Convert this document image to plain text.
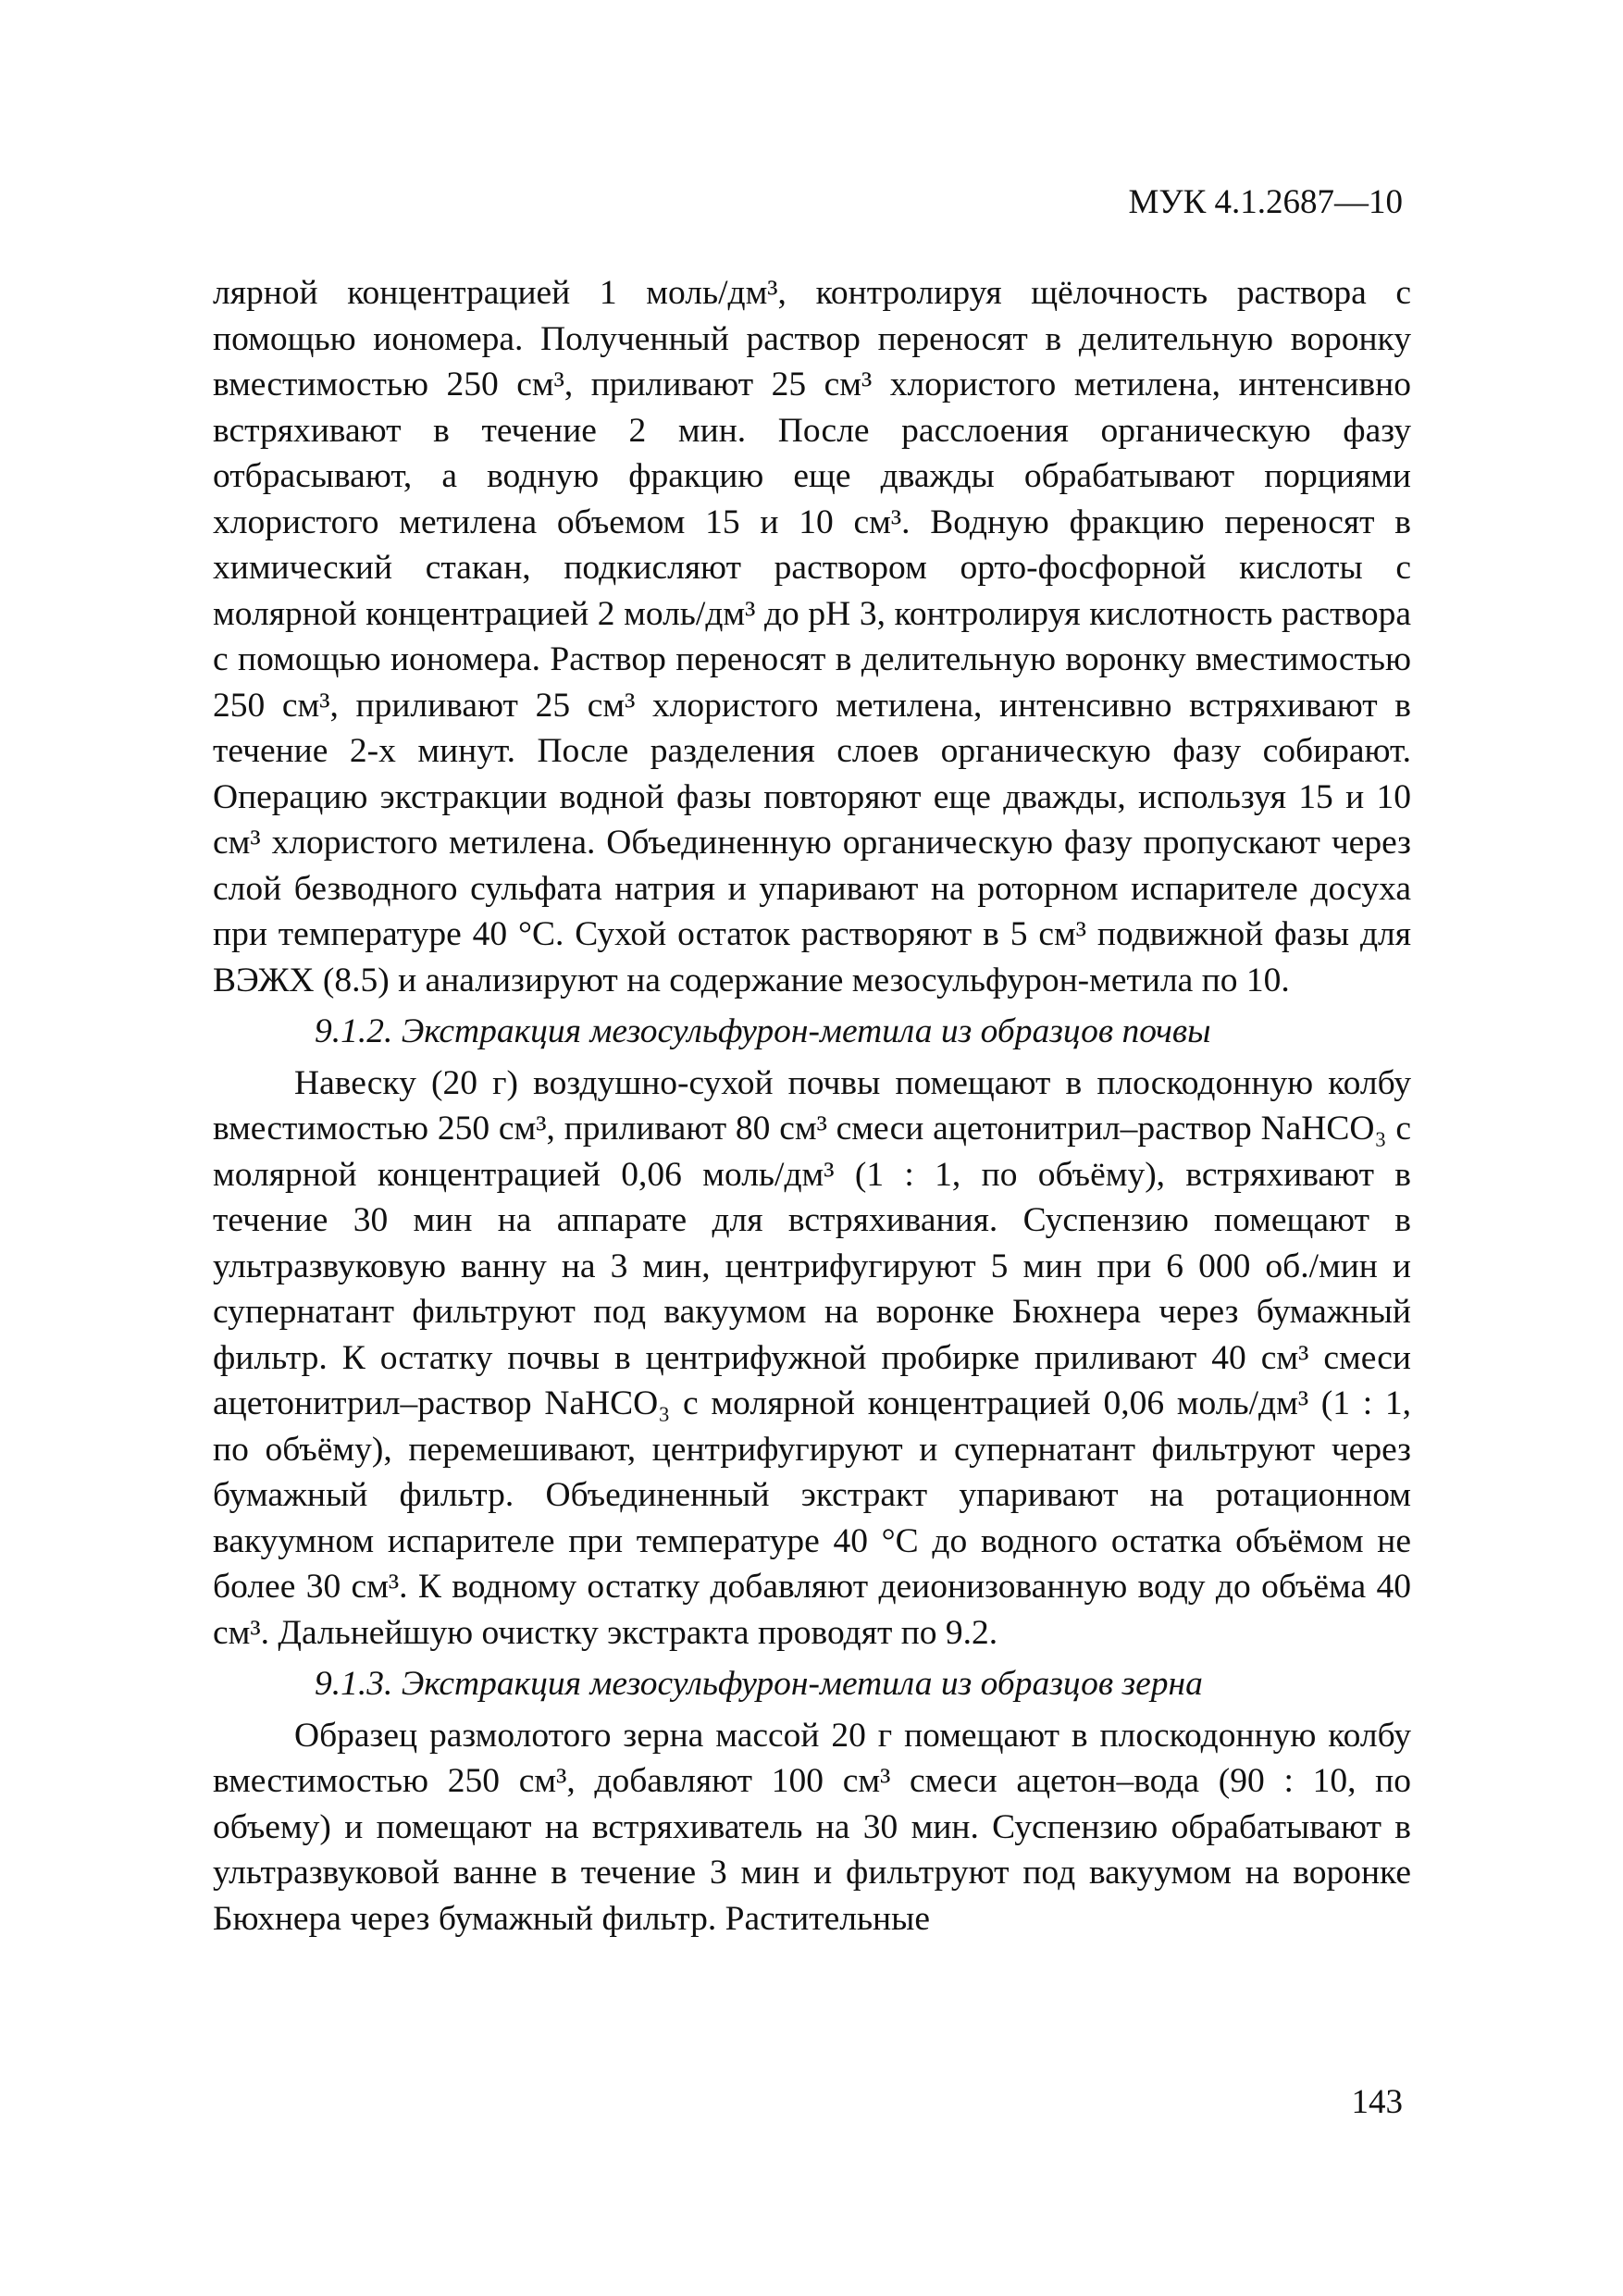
МУК 4.1.2687—10

лярной концентрацией 1 моль/дм³, контролируя щёлочность раствора с помощью иономера. Полученный раствор переносят в делительную воронку вместимостью 250 см³, приливают 25 см³ хлористого метилена, интенсивно встряхивают в течение 2 мин. После расслоения органическую фазу отбрасывают, а водную фракцию еще дважды обрабатывают порциями хлористого метилена объемом 15 и 10 см³. Водную фракцию переносят в химический стакан, подкисляют раствором орто-фосфорной кислоты с молярной концентрацией 2 моль/дм³ до pH 3, контролируя кислотность раствора с помощью иономера. Раствор переносят в делительную воронку вместимостью 250 см³, приливают 25 см³ хлористого метилена, интенсивно встряхивают в течение 2-х минут. После разделения слоев органическую фазу собирают. Операцию экстракции водной фазы повторяют еще дважды, используя 15 и 10 см³ хлористого метилена. Объединенную органическую фазу пропускают через слой безводного сульфата натрия и упаривают на роторном испарителе досуха при температуре 40 °С. Сухой остаток растворяют в 5 см³ подвижной фазы для ВЭЖХ (8.5) и анализируют на содержание мезосульфурон-метила по 10.

9.1.2. Экстракция мезосульфурон-метила из образцов почвы

Навеску (20 г) воздушно-сухой почвы помещают в плоскодонную колбу вместимостью 250 см³, приливают 80 см³ смеси ацетонитрил–раствор NaHCO₃ с молярной концентрацией 0,06 моль/дм³ (1 : 1, по объёму), встряхивают в течение 30 мин на аппарате для встряхивания. Суспензию помещают в ультразвуковую ванну на 3 мин, центрифугируют 5 мин при 6 000 об./мин и супернатант фильтруют под вакуумом на воронке Бюхнера через бумажный фильтр. К остатку почвы в центрифужной пробирке приливают 40 см³ смеси ацетонитрил–раствор NaHCO₃ с молярной концентрацией 0,06 моль/дм³ (1 : 1, по объёму), перемешивают, центрифугируют и супернатант фильтруют через бумажный фильтр. Объединенный экстракт упаривают на ротационном вакуумном испарителе при температуре 40 °С до водного остатка объёмом не более 30 см³. К водному остатку добавляют деионизованную воду до объёма 40 см³. Дальнейшую очистку экстракта проводят по 9.2.

9.1.3. Экстракция мезосульфурон-метила из образцов зерна

Образец размолотого зерна массой 20 г помещают в плоскодонную колбу вместимостью 250 см³, добавляют 100 см³ смеси ацетон–вода (90 : 10, по объему) и помещают на встряхиватель на 30 мин. Суспензию обрабатывают в ультразвуковой ванне в течение 3 мин и фильтруют под вакуумом на воронке Бюхнера через бумажный фильтр. Растительные

143
